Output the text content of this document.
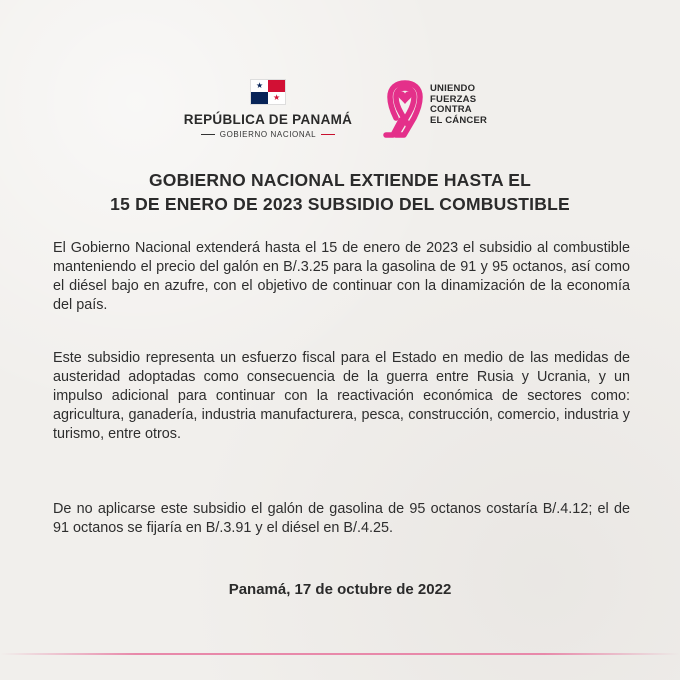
★
★
REPÚBLICA DE PANAMÁ
GOBIERNO NACIONAL
UNIENDO
FUERZAS
CONTRA
EL CÁNCER
GOBIERNO NACIONAL EXTIENDE HASTA EL
15 DE ENERO DE 2023 SUBSIDIO DEL COMBUSTIBLE
El Gobierno Nacional extenderá hasta el 15 de enero de 2023 el subsidio al combustible manteniendo el precio del galón en B/.3.25 para la gasolina de 91 y 95 octanos, así como el diésel bajo en azufre, con el objetivo de continuar con la dinamización de la economía del país.
Este subsidio representa un esfuerzo fiscal para el Estado en medio de las medidas de austeridad adoptadas como consecuencia de la guerra entre Rusia y Ucrania, y un impulso adicional para continuar con la reactivación económica de sectores como: agricultura, ganadería, industria manufacturera, pesca, construcción, comercio, industria y turismo, entre otros.
De no aplicarse este subsidio el galón de gasolina de 95 octanos costaría B/.4.12; el de 91 octanos se fijaría en B/.3.91 y el diésel en B/.4.25.
Panamá, 17 de octubre de 2022
